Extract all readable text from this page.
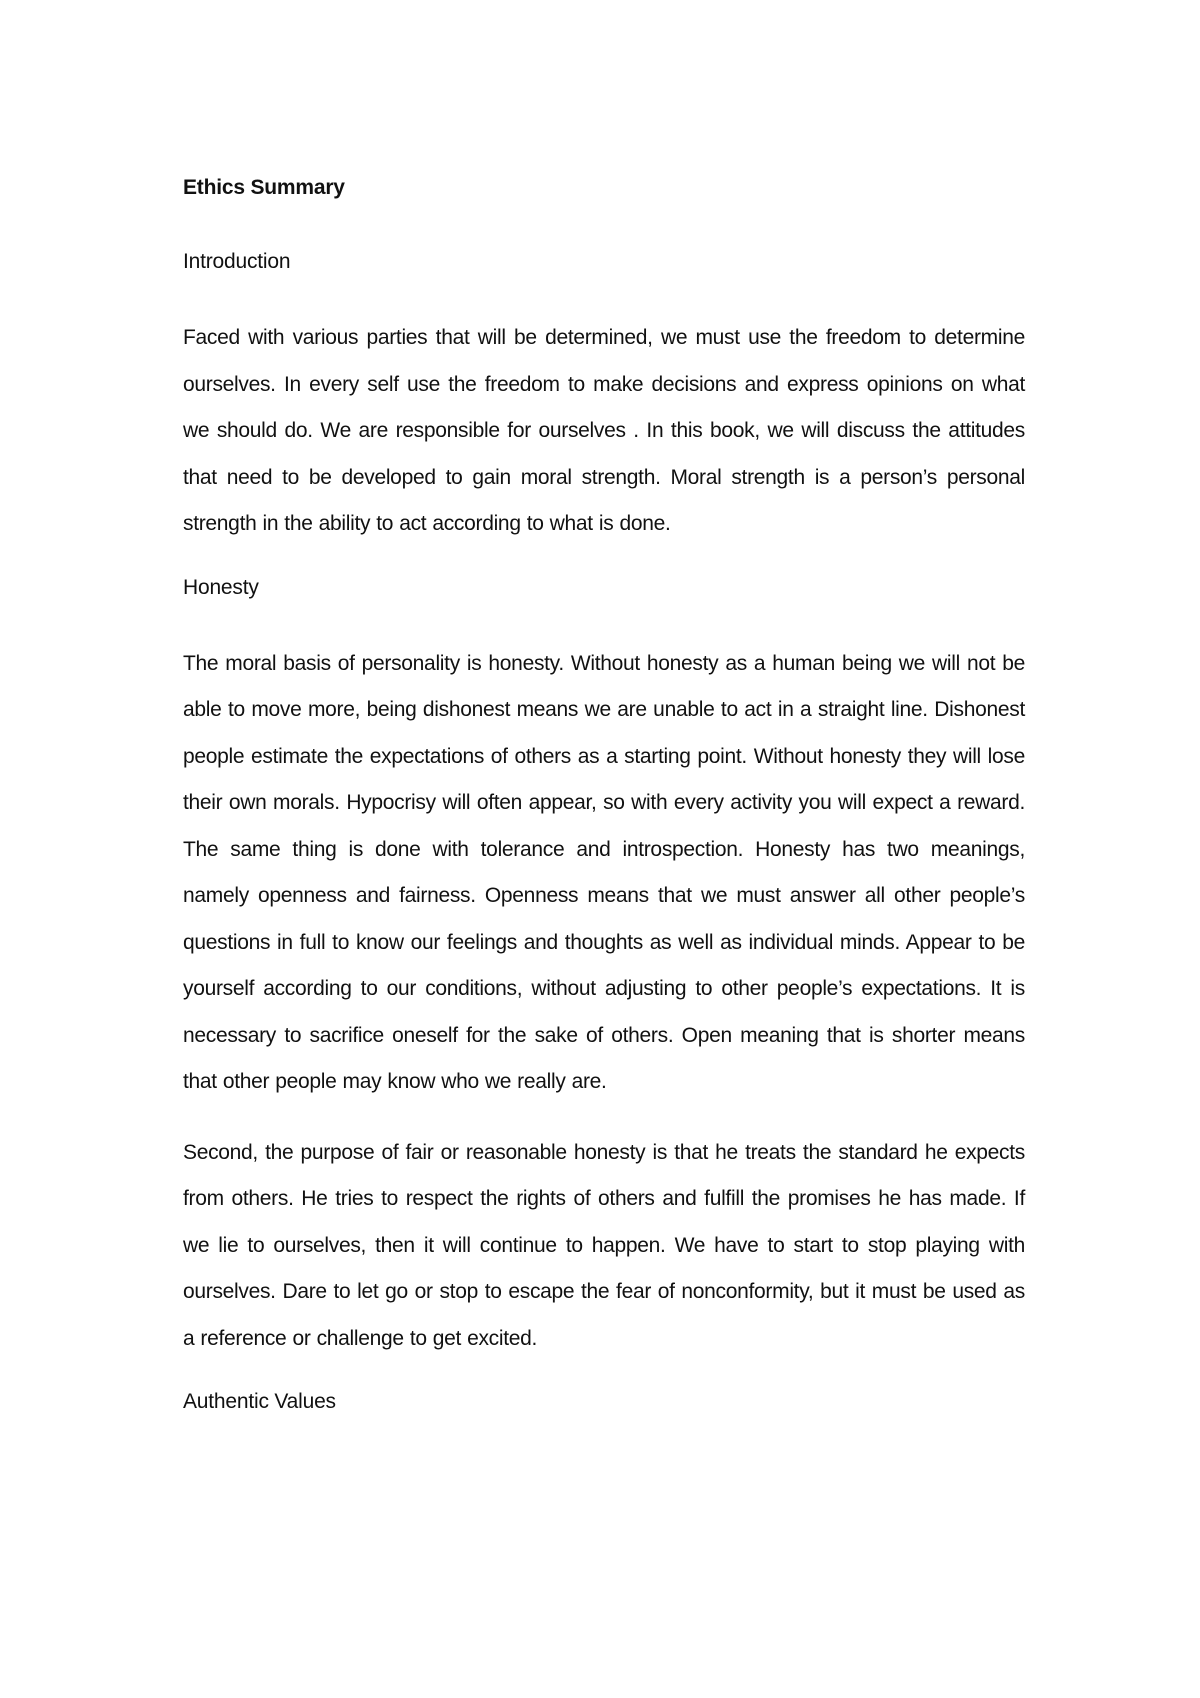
Ethics Summary
Introduction

Faced with various parties that will be determined, we must use the freedom to determine ourselves. In every self use the freedom to make decisions and express opinions on what we should do. We are responsible for ourselves . In this book, we will discuss the attitudes that need to be developed to gain moral strength. Moral strength is a person’s personal strength in the ability to act according to what is done.

Honesty

The moral basis of personality is honesty. Without honesty as a human being we will not be able to move more, being dishonest means we are unable to act in a straight line. Dishonest people estimate the expectations of others as a starting point. Without honesty they will lose their own morals. Hypocrisy will often appear, so with every activity you will expect a reward. The same thing is done with tolerance and introspection. Honesty has two meanings, namely openness and fairness. Openness means that we must answer all other people’s questions in full to know our feelings and thoughts as well as individual minds. Appear to be yourself according to our conditions, without adjusting to other people’s expectations. It is necessary to sacrifice oneself for the sake of others. Open meaning that is shorter means that other people may know who we really are.

Second, the purpose of fair or reasonable honesty is that he treats the standard he expects from others. He tries to respect the rights of others and fulfill the promises he has made. If we lie to ourselves, then it will continue to happen. We have to start to stop playing with ourselves. Dare to let go or stop to escape the fear of nonconformity, but it must be used as a reference or challenge to get excited.

Authentic Values
